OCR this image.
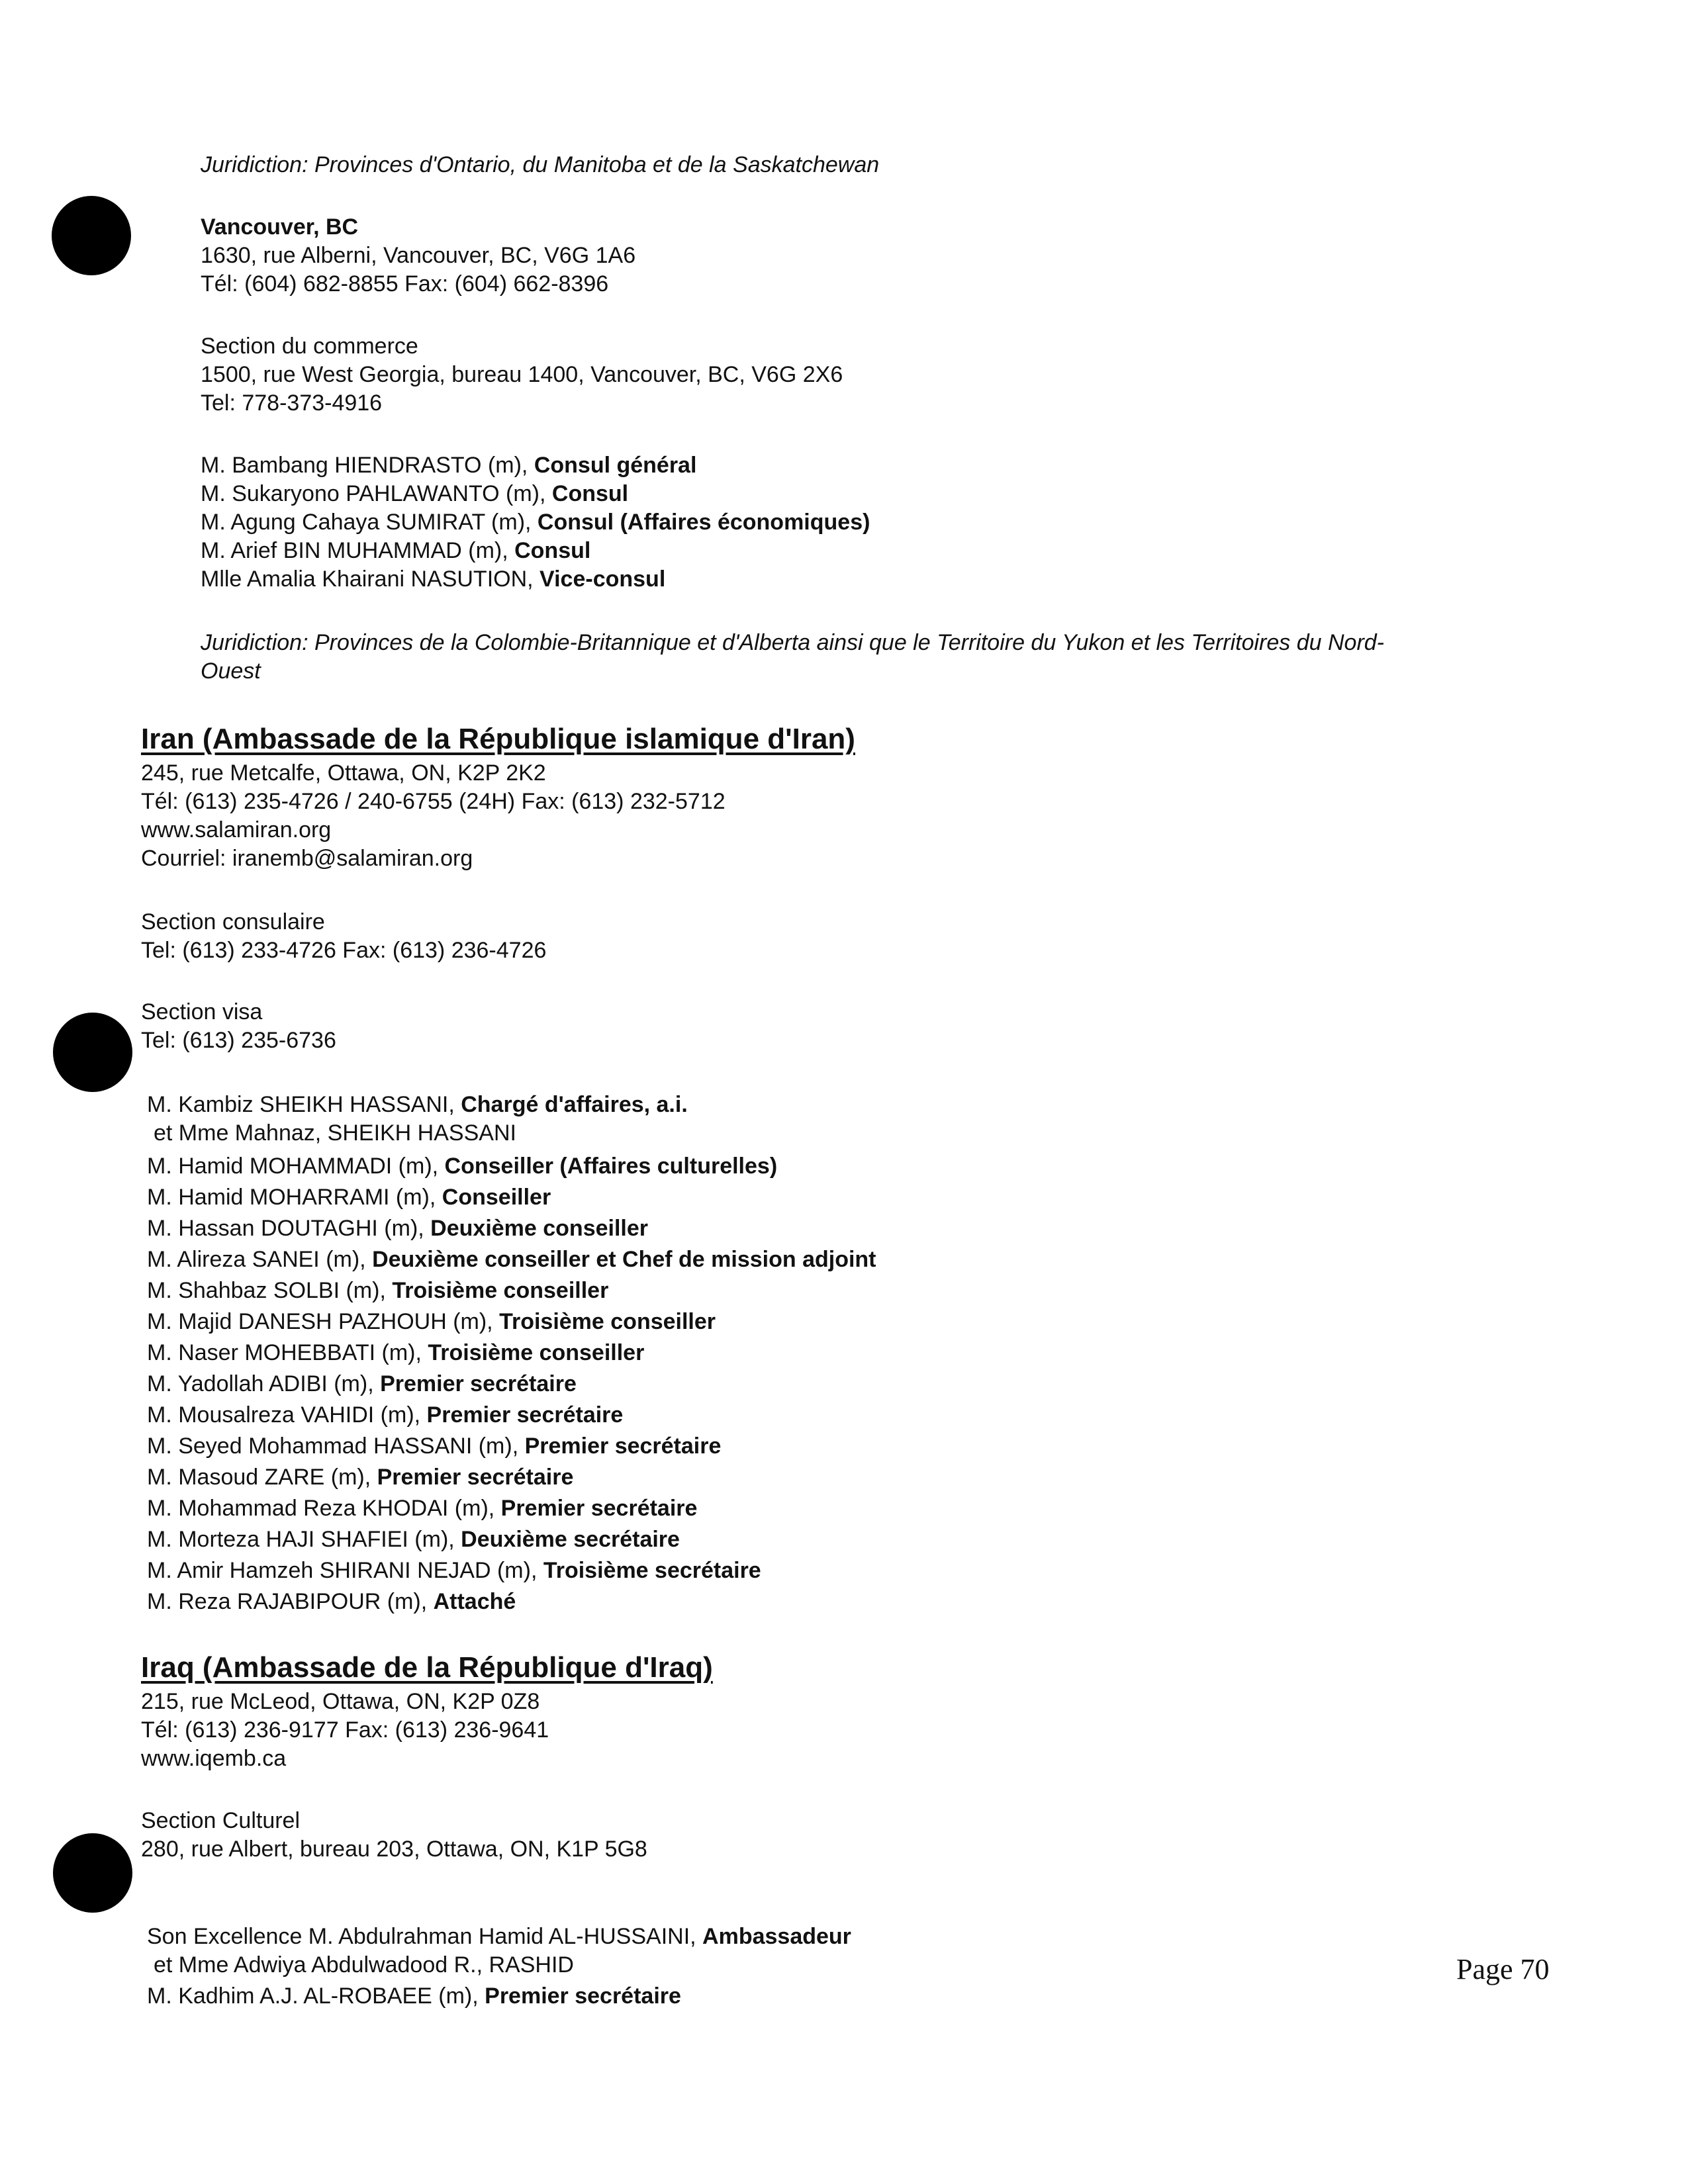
Juridiction: Provinces d'Ontario, du Manitoba et de la Saskatchewan
Vancouver, BC
1630, rue Alberni, Vancouver, BC, V6G 1A6
Tél: (604) 682-8855 Fax: (604) 662-8396
Section du commerce
1500, rue West Georgia, bureau 1400, Vancouver, BC, V6G 2X6
Tel: 778-373-4916
M. Bambang HIENDRASTO (m), Consul général
M. Sukaryono PAHLAWANTO (m), Consul
M. Agung Cahaya SUMIRAT (m), Consul (Affaires économiques)
M. Arief BIN MUHAMMAD (m), Consul
Mlle Amalia Khairani NASUTION, Vice-consul
Juridiction: Provinces de la Colombie-Britannique et d'Alberta ainsi que le Territoire du Yukon et les Territoires du Nord-
Ouest
Iran (Ambassade de la République islamique d'Iran)
245, rue Metcalfe, Ottawa, ON, K2P 2K2
Tél: (613) 235-4726 / 240-6755 (24H) Fax: (613) 232-5712
www.salamiran.org
Courriel: iranemb@salamiran.org
Section consulaire
Tel: (613) 233-4726 Fax: (613) 236-4726
Section visa
Tel: (613) 235-6736
M. Kambiz SHEIKH HASSANI, Chargé d'affaires, a.i.
et Mme Mahnaz, SHEIKH HASSANI
M. Hamid MOHAMMADI (m), Conseiller (Affaires culturelles)
M. Hamid MOHARRAMI (m), Conseiller
M. Hassan DOUTAGHI (m), Deuxième conseiller
M. Alireza SANEI (m), Deuxième conseiller et Chef de mission adjoint
M. Shahbaz SOLBI (m), Troisième conseiller
M. Majid DANESH PAZHOUH (m), Troisième conseiller
M. Naser MOHEBBATI (m), Troisième conseiller
M. Yadollah ADIBI (m), Premier secrétaire
M. Mousalreza VAHIDI (m), Premier secrétaire
M. Seyed Mohammad HASSANI (m), Premier secrétaire
M. Masoud ZARE (m), Premier secrétaire
M. Mohammad Reza KHODAI (m), Premier secrétaire
M. Morteza HAJI SHAFIEI (m), Deuxième secrétaire
M. Amir Hamzeh SHIRANI NEJAD (m), Troisième secrétaire
M. Reza RAJABIPOUR (m), Attaché
Iraq (Ambassade de la République d'Iraq)
215, rue McLeod, Ottawa, ON, K2P 0Z8
Tél: (613) 236-9177 Fax: (613) 236-9641
www.iqemb.ca
Section Culturel
280, rue Albert, bureau 203, Ottawa, ON, K1P 5G8
Son Excellence M. Abdulrahman Hamid AL-HUSSAINI, Ambassadeur
et Mme Adwiya Abdulwadood R., RASHID
M. Kadhim A.J. AL-ROBAEE (m), Premier secrétaire
Page 70
